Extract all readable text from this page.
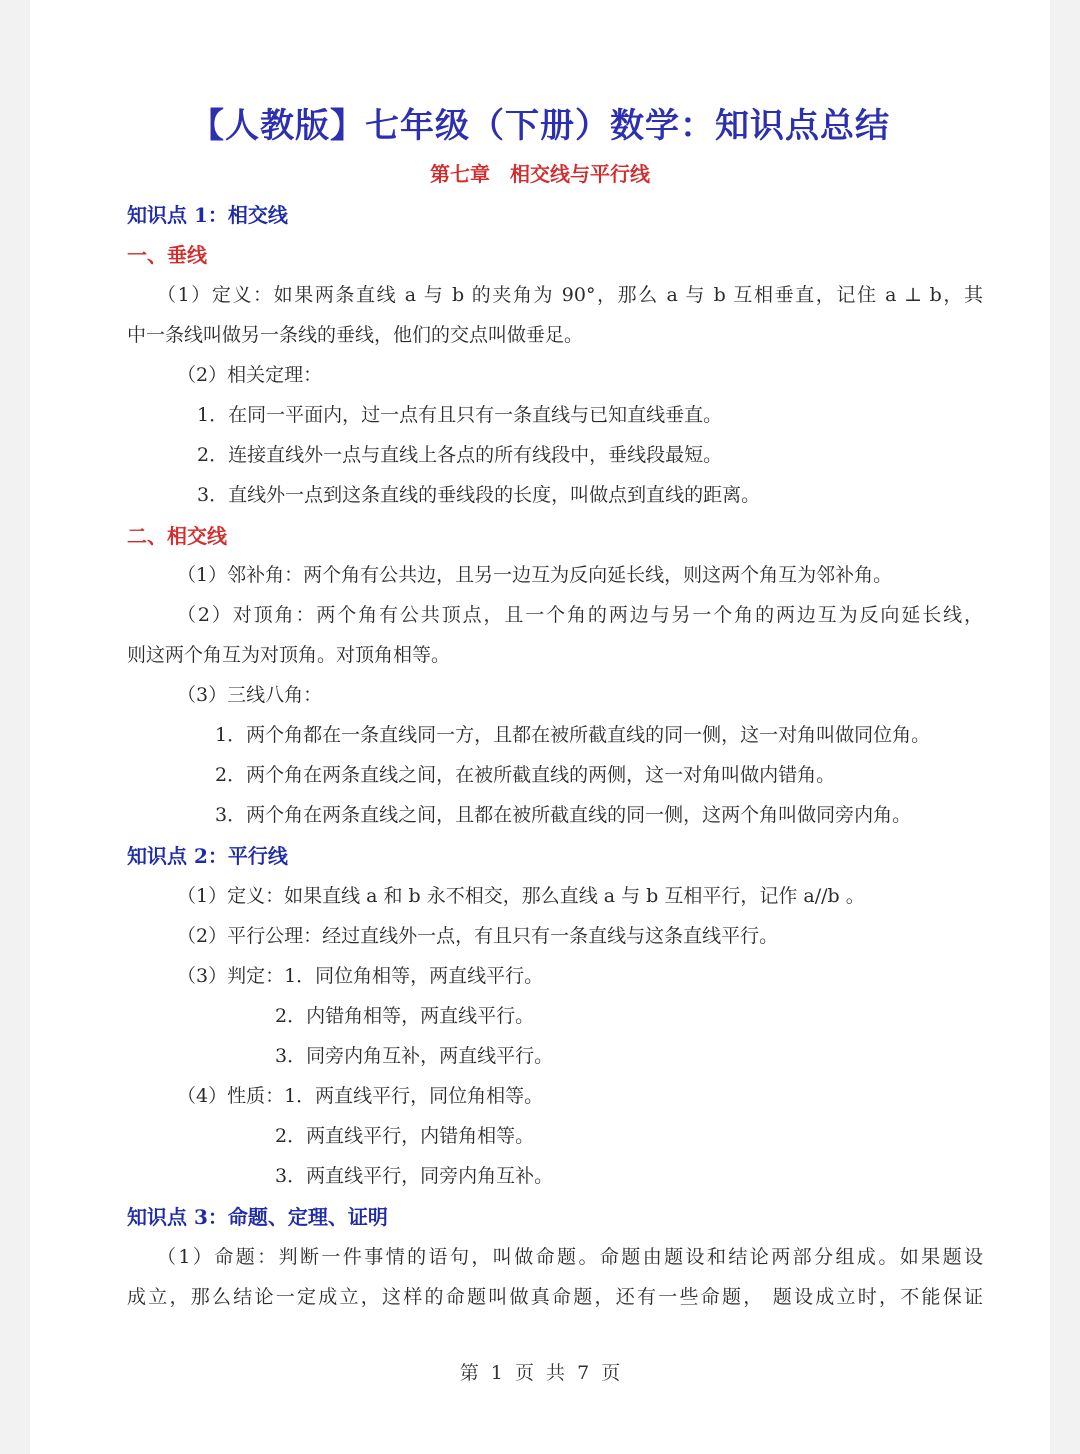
【人教版】七年级（下册）数学：知识点总结
第七章　相交线与平行线
知识点 1：相交线
一、垂线
（1）定义：如果两条直线 a 与 b 的夹角为 90°，那么 a 与 b 互相垂直，记住 a ⊥ b，其
中一条线叫做另一条线的垂线，他们的交点叫做垂足。
（2）相关定理：
1．在同一平面内，过一点有且只有一条直线与已知直线垂直。
2．连接直线外一点与直线上各点的所有线段中，垂线段最短。
3．直线外一点到这条直线的垂线段的长度，叫做点到直线的距离。
二、相交线
（1）邻补角：两个角有公共边，且另一边互为反向延长线，则这两个角互为邻补角。
（2）对顶角：两个角有公共顶点，且一个角的两边与另一个角的两边互为反向延长线，
则这两个角互为对顶角。对顶角相等。
（3）三线八角：
1．两个角都在一条直线同一方，且都在被所截直线的同一侧，这一对角叫做同位角。
2．两个角在两条直线之间，在被所截直线的两侧，这一对角叫做内错角。
3．两个角在两条直线之间，且都在被所截直线的同一侧，这两个角叫做同旁内角。
知识点 2：平行线
（1）定义：如果直线 a 和 b 永不相交，那么直线 a 与 b 互相平行，记作 a//b 。
（2）平行公理：经过直线外一点，有且只有一条直线与这条直线平行。
（3）判定：1．同位角相等，两直线平行。
2．内错角相等，两直线平行。
3．同旁内角互补，两直线平行。
（4）性质：1．两直线平行，同位角相等。
2．两直线平行，内错角相等。
3．两直线平行，同旁内角互补。
知识点 3：命题、定理、证明
（1）命题：判断一件事情的语句，叫做命题。命题由题设和结论两部分组成。如果题设
成立，那么结论一定成立，这样的命题叫做真命题，还有一些命题， 题设成立时，不能保证
第  1  页  共  7  页
